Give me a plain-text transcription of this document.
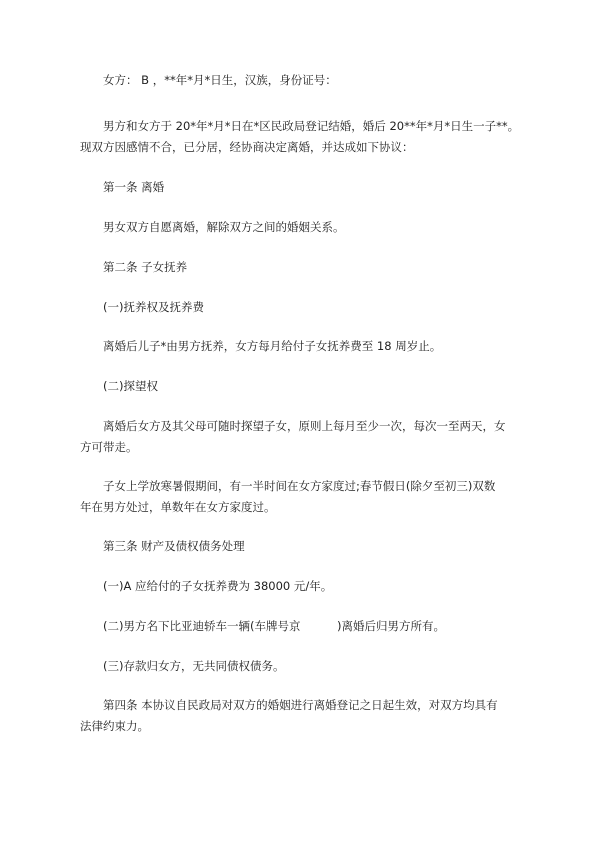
女方： B ，**年*月*日生，汉族，身份证号：

男方和女方于 20*年*月*日在*区民政局登记结婚，婚后 20**年*月*日生一子**。

现双方因感情不合，已分居，经协商决定离婚，并达成如下协议：

第一条 离婚

男女双方自愿离婚，解除双方之间的婚姻关系。

第二条 子女抚养

(一)抚养权及抚养费

离婚后儿子*由男方抚养，女方每月给付子女抚养费至 18 周岁止。

(二)探望权

离婚后女方及其父母可随时探望子女，原则上每月至少一次，每次一至两天，女

方可带走。

子女上学放寒暑假期间，有一半时间在女方家度过;春节假日(除夕至初三)双数

年在男方处过，单数年在女方家度过。

第三条 财产及债权债务处理

(一)A 应给付的子女抚养费为 38000 元/年。

(二)男方名下比亚迪轿车一辆(车牌号京          )离婚后归男方所有。

(三)存款归女方，无共同债权债务。

第四条 本协议自民政局对双方的婚姻进行离婚登记之日起生效，对双方均具有

法律约束力。
